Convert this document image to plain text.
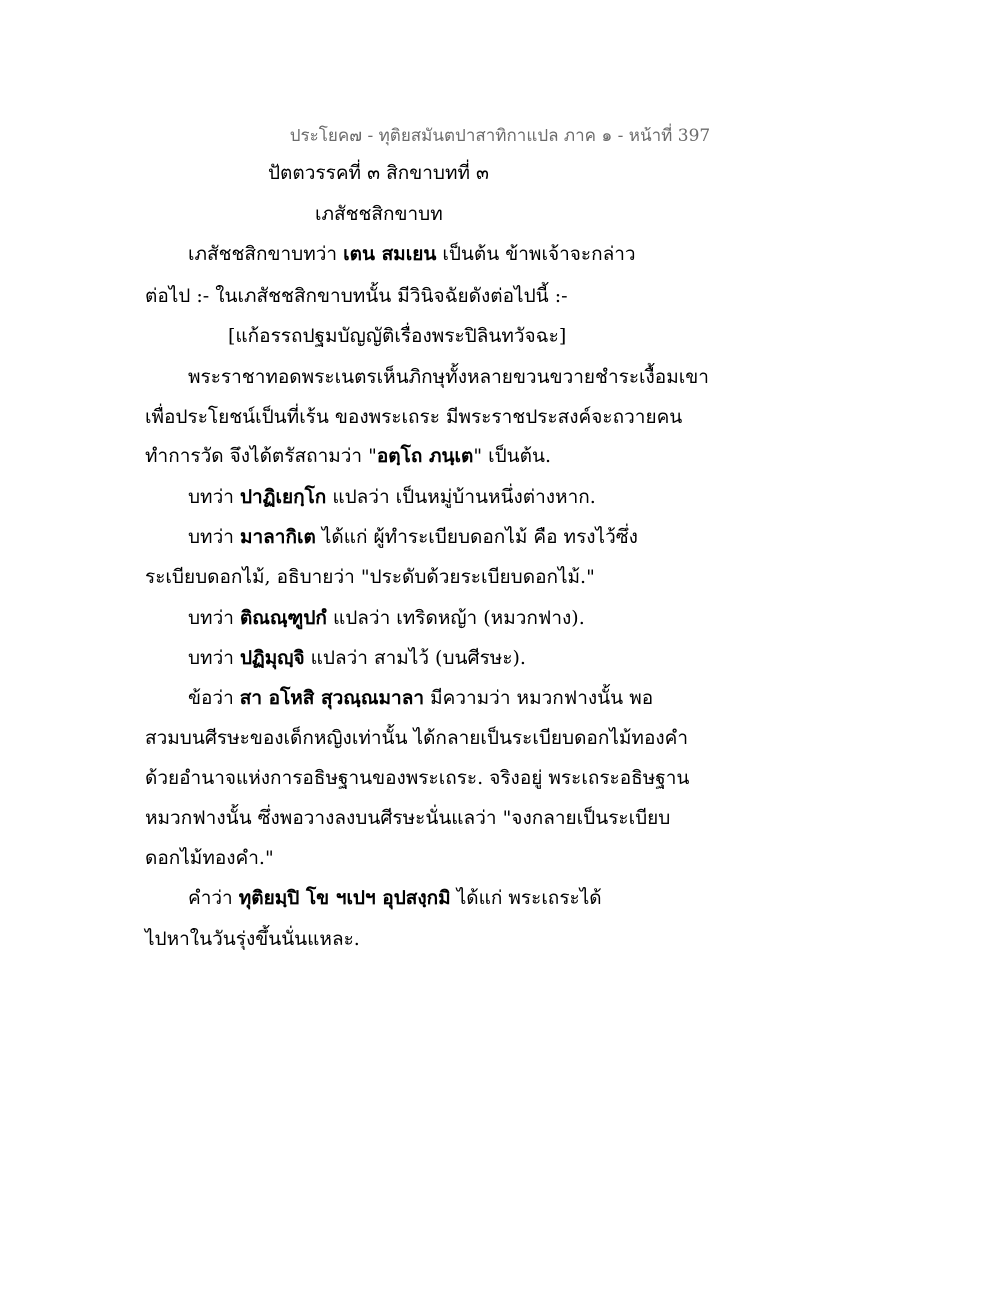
ประโยค๗ - ทุติยสมันตปาสาทิกาแปล ภาค ๑ - หน้าที่ 397
ปัตตวรรคที่ ๓ สิกขาบทที่ ๓
เภสัชชสิกขาบท
เภสัชชสิกขาบทว่า เตน สมเยน เป็นต้น ข้าพเจ้าจะกล่าว
ต่อไป :- ในเภสัชชสิกขาบทนั้น มีวินิจฉัยดังต่อไปนี้ :-
[แก้อรรถปฐมบัญญัติเรื่องพระปิลินทวัจฉะ]
พระราชาทอดพระเนตรเห็นภิกษุทั้งหลายขวนขวายชำระเงื้อมเขา
เพื่อประโยชน์เป็นที่เร้น ของพระเถระ มีพระราชประสงค์จะถวายคน
ทำการวัด จึงได้ตรัสถามว่า "อตฺโถ ภนฺเต" เป็นต้น.
บทว่า ปาฏิเยกฺโก แปลว่า เป็นหมู่บ้านหนึ่งต่างหาก.
บทว่า มาลากิเต ได้แก่ ผู้ทำระเบียบดอกไม้ คือ ทรงไว้ซึ่ง
ระเบียบดอกไม้, อธิบายว่า "ประดับด้วยระเบียบดอกไม้."
บทว่า ติณณฺฑูปกํ แปลว่า เทริดหญ้า (หมวกฟาง).
บทว่า ปฏิมุญฺจิ แปลว่า สามไว้ (บนศีรษะ).
ข้อว่า สา อโหสิ สุวณฺณมาลา มีความว่า หมวกฟางนั้น พอ
สวมบนศีรษะของเด็กหญิงเท่านั้น ได้กลายเป็นระเบียบดอกไม้ทองคำ
ด้วยอำนาจแห่งการอธิษฐานของพระเถระ. จริงอยู่ พระเถระอธิษฐาน
หมวกฟางนั้น ซึ่งพอวางลงบนศีรษะนั่นแลว่า "จงกลายเป็นระเบียบ
ดอกไม้ทองคำ."
คำว่า ทุติยมฺปิ โข ฯเปฯ อุปสงฺกมิ ได้แก่ พระเถระได้
ไปหาในวันรุ่งขึ้นนั่นแหละ.
